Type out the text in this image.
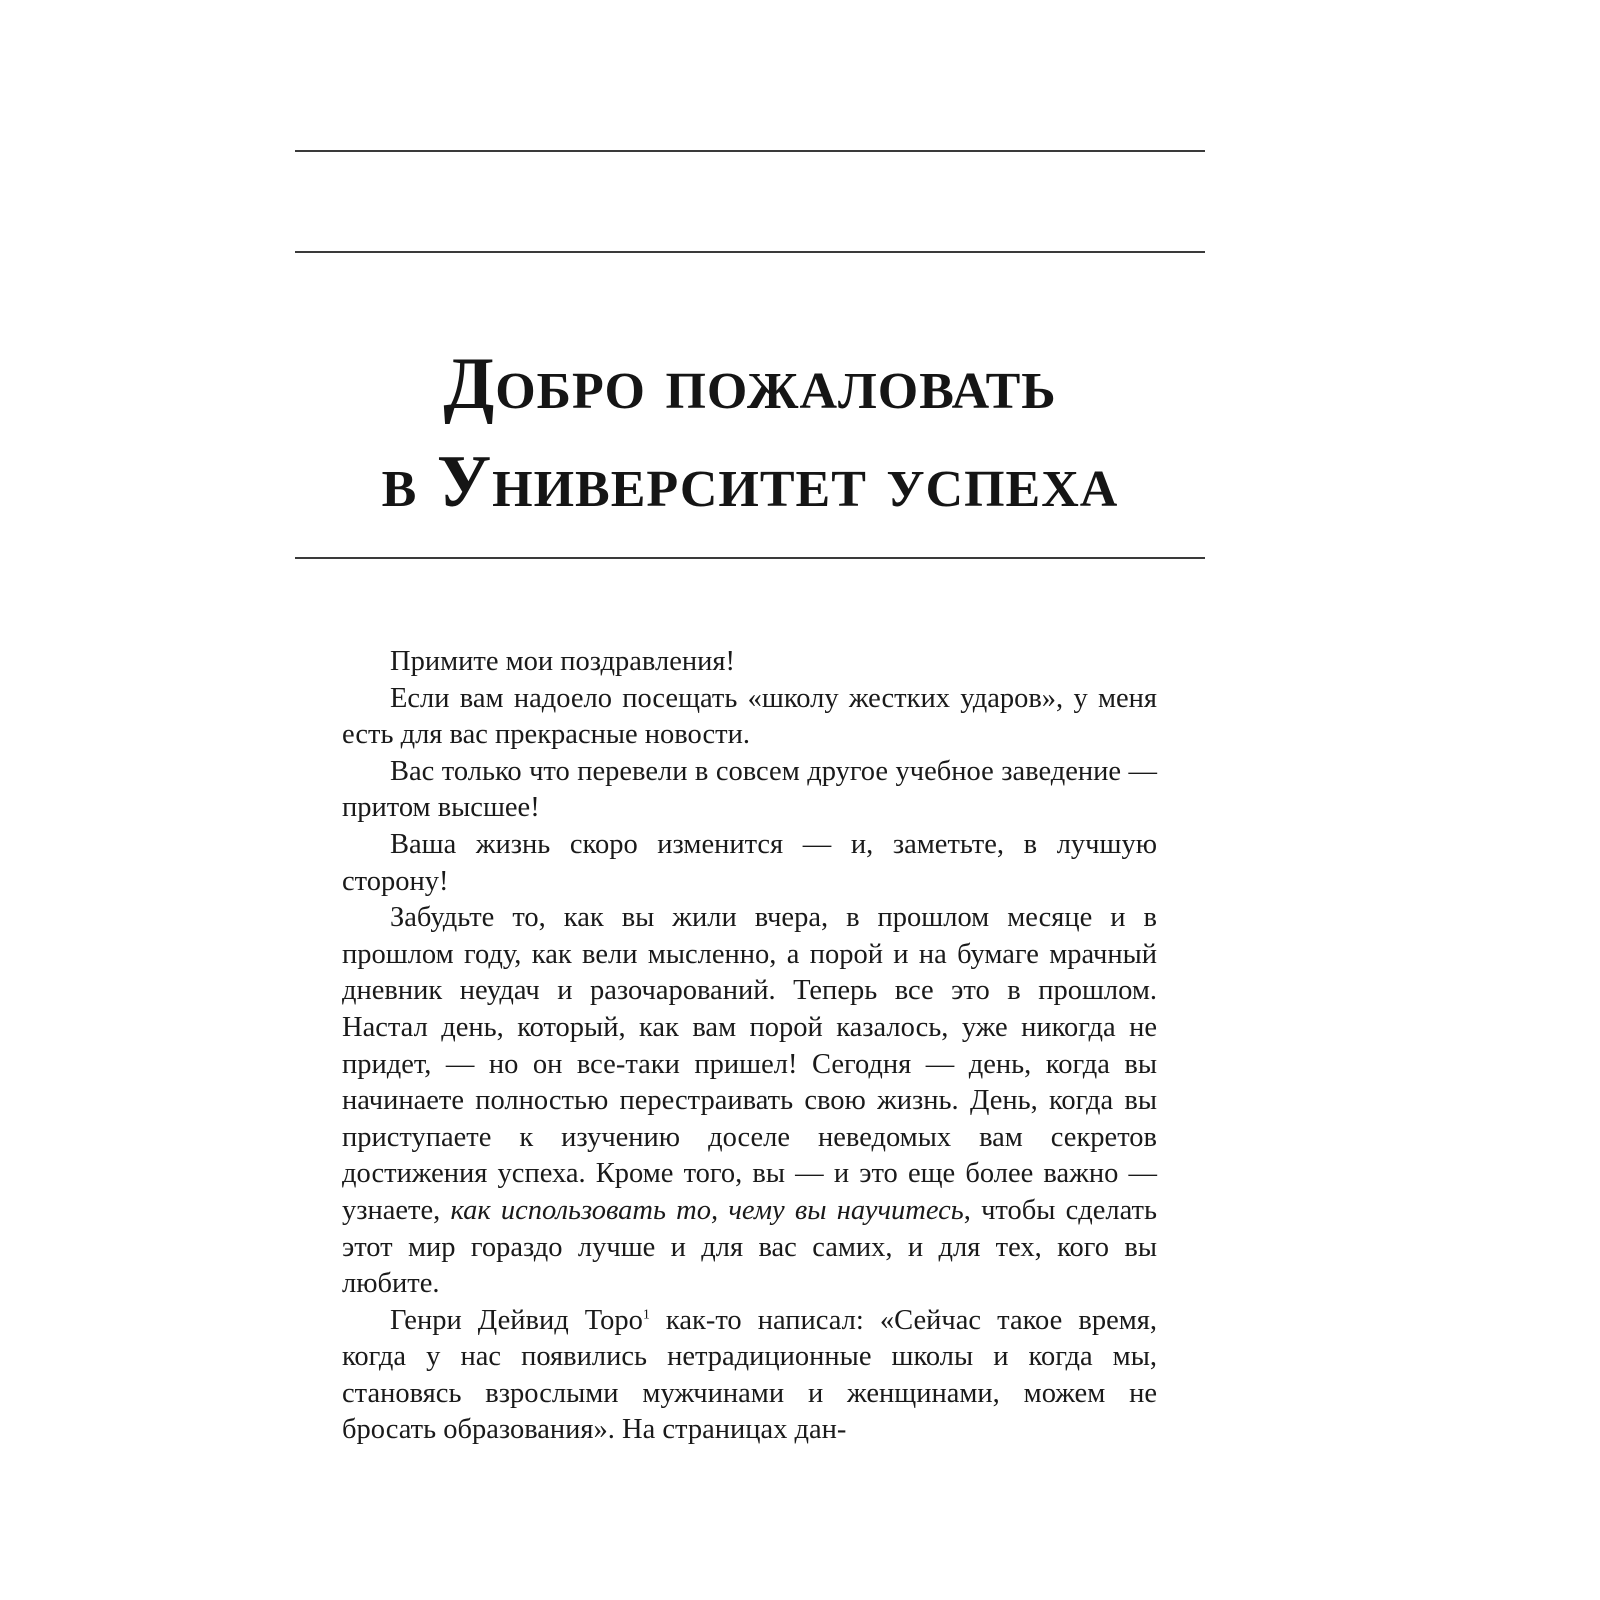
Добро пожаловать
в Университет успеха

Примите мои поздравления!

Если вам надоело посещать «школу жестких ударов», у меня есть для вас прекрасные новости.

Вас только что перевели в совсем другое учебное заведение — притом высшее!

Ваша жизнь скоро изменится — и, заметьте, в лучшую сторону!

Забудьте то, как вы жили вчера, в прошлом месяце и в прошлом году, как вели мысленно, а порой и на бумаге мрачный дневник неудач и разочарований. Теперь все это в прошлом. Настал день, который, как вам порой казалось, уже никогда не придет, — но он все-таки пришел! Сегодня — день, когда вы начинаете полностью перестраивать свою жизнь. День, когда вы приступаете к изучению доселе неведомых вам секретов достижения успеха. Кроме того, вы — и это еще более важно — узнаете, как использовать то, чему вы научитесь, чтобы сделать этот мир гораздо лучше и для вас самих, и для тех, кого вы любите.

Генри Дейвид Торо$^1$ как-то написал: «Сейчас такое время, когда у нас появились нетрадиционные школы и когда мы, становясь взрослыми мужчинами и женщинами, можем не бросать образования». На страницах дан-
